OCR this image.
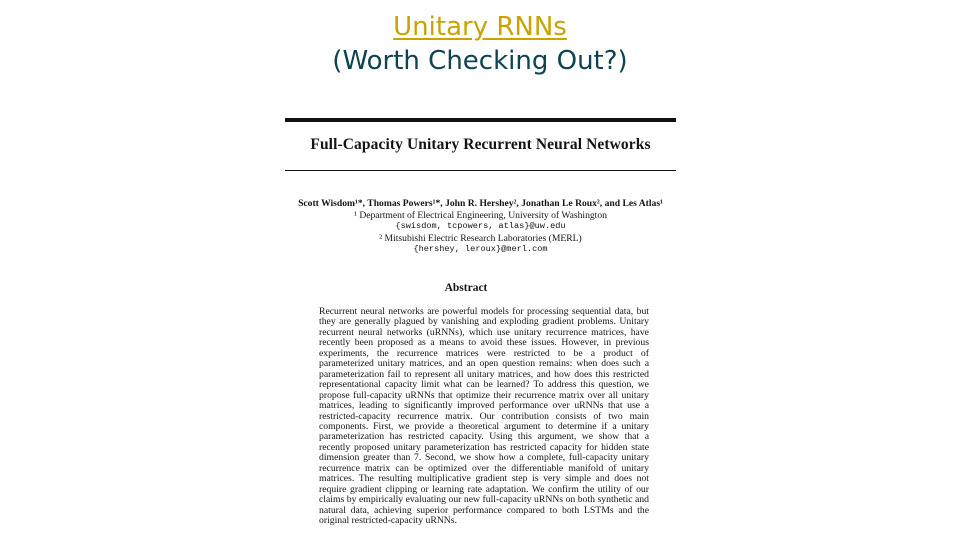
Unitary RNNs
(Worth Checking Out?)
Full-Capacity Unitary Recurrent Neural Networks
Scott Wisdom¹*, Thomas Powers¹*, John R. Hershey², Jonathan Le Roux², and Les Atlas¹
¹ Department of Electrical Engineering, University of Washington
{swisdom, tcpowers, atlas}@uw.edu
² Mitsubishi Electric Research Laboratories (MERL)
{hershey, leroux}@merl.com
Abstract
Recurrent neural networks are powerful models for processing sequential data, but they are generally plagued by vanishing and exploding gradient problems. Unitary recurrent neural networks (uRNNs), which use unitary recurrence matrices, have recently been proposed as a means to avoid these issues. However, in previous experiments, the recurrence matrices were restricted to be a product of parameterized unitary matrices, and an open question remains: when does such a parameterization fail to represent all unitary matrices, and how does this restricted representational capacity limit what can be learned? To address this question, we propose full-capacity uRNNs that optimize their recurrence matrix over all unitary matrices, leading to significantly improved performance over uRNNs that use a restricted-capacity recurrence matrix. Our contribution consists of two main components. First, we provide a theoretical argument to determine if a unitary parameterization has restricted capacity. Using this argument, we show that a recently proposed unitary parameterization has restricted capacity for hidden state dimension greater than 7. Second, we show how a complete, full-capacity unitary recurrence matrix can be optimized over the differentiable manifold of unitary matrices. The resulting multiplicative gradient step is very simple and does not require gradient clipping or learning rate adaptation. We confirm the utility of our claims by empirically evaluating our new full-capacity uRNNs on both synthetic and natural data, achieving superior performance compared to both LSTMs and the original restricted-capacity uRNNs.
